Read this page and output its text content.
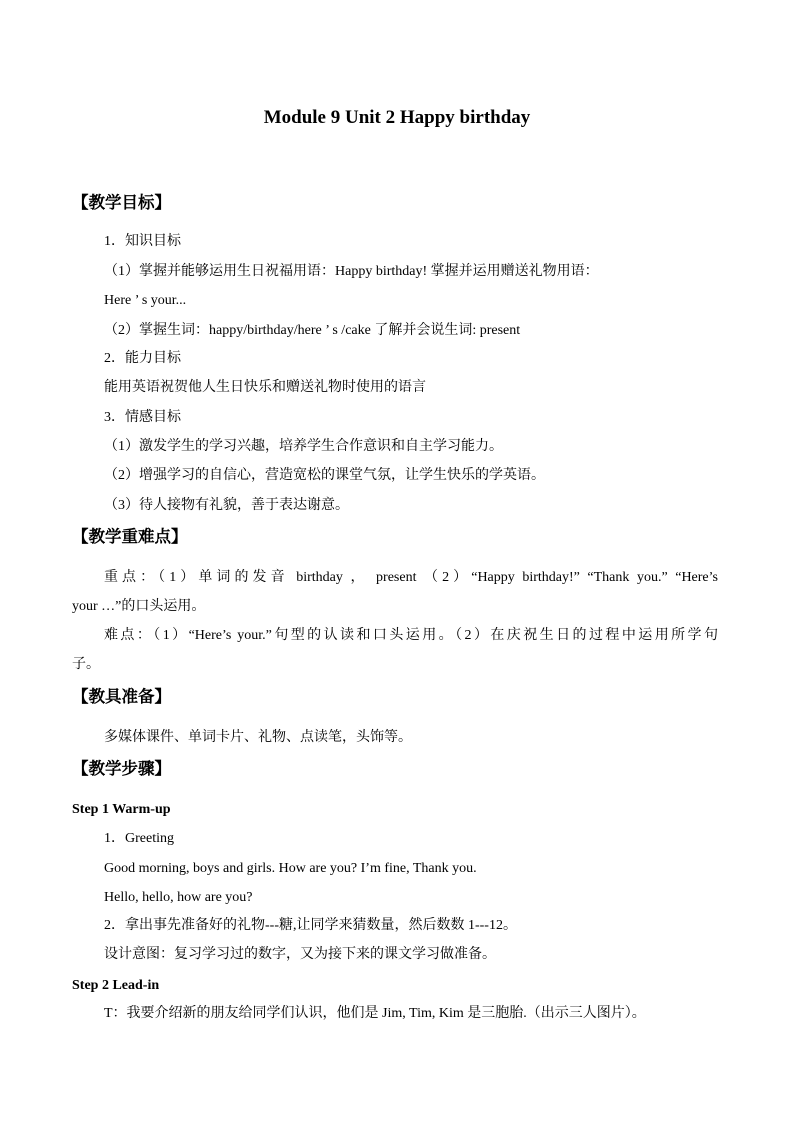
Module 9 Unit 2 Happy birthday
【教学目标】
1．知识目标
（1）掌握并能够运用生日祝福用语：Happy birthday! 掌握并运用赠送礼物用语：
Here ’ s your...
（2）掌握生词：happy/birthday/here ’ s /cake 了解并会说生词: present
2．能力目标
能用英语祝贺他人生日快乐和赠送礼物时使用的语言
3．情感目标
（1）激发学生的学习兴趣，培养学生合作意识和自主学习能力。
（2）增强学习的自信心，营造宽松的课堂气氛，让学生快乐的学英语。
（3）待人接物有礼貌，善于表达谢意。
【教学重难点】
重点：（1）单词的发音 birthday ， present （2）“Happy birthday!” “Thank you.” “Here’s
your …”的口头运用。
难点：（1）“Here’s your.”句型的认读和口头运用。（2）在庆祝生日的过程中运用所学句
子。
【教具准备】
多媒体课件、单词卡片、礼物、点读笔，头饰等。
【教学步骤】
Step 1 Warm-up
1．Greeting
Good morning, boys and girls. How are you? I’m fine, Thank you.
Hello, hello, how are you?
2．拿出事先准备好的礼物---糖,让同学来猜数量，然后数数 1---12。
设计意图：复习学习过的数字，又为接下来的课文学习做准备。
Step 2 Lead-in
T：我要介绍新的朋友给同学们认识，他们是 Jim, Tim, Kim 是三胞胎.（出示三人图片）。
